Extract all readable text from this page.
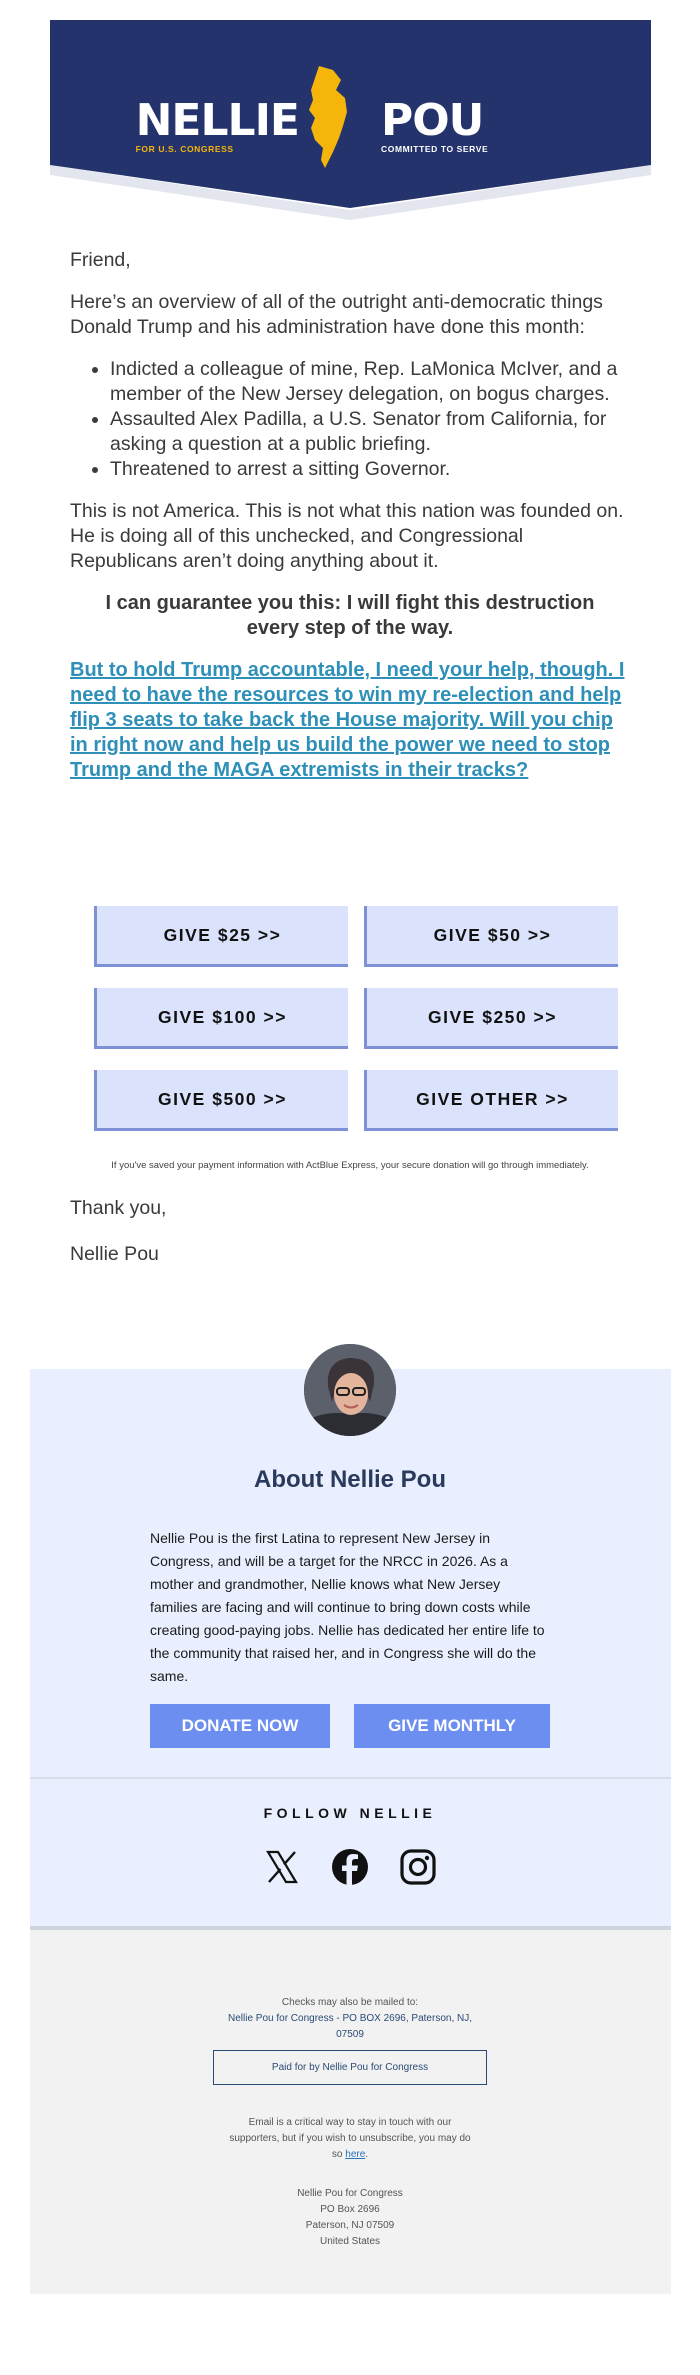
NELLIE
FOR U.S. CONGRESS
POU
COMMITTED TO SERVE

Friend,

Here’s an overview of all of the outright anti-democratic things Donald Trump and his administration have done this month:

• Indicted a colleague of mine, Rep. LaMonica McIver, and a member of the New Jersey delegation, on bogus charges.
• Assaulted Alex Padilla, a U.S. Senator from California, for asking a question at a public briefing.
• Threatened to arrest a sitting Governor.

This is not America. This is not what this nation was founded on. He is doing all of this unchecked, and Congressional Republicans aren’t doing anything about it.

I can guarantee you this: I will fight this destruction every step of the way.

But to hold Trump accountable, I need your help, though. I need to have the resources to win my re-election and help flip 3 seats to take back the House majority. Will you chip in right now and help us build the power we need to stop Trump and the MAGA extremists in their tracks?
GIVE $25 >>	GIVE $50 >>
GIVE $100 >>	GIVE $250 >>
GIVE $500 >>	GIVE OTHER >>
If you've saved your payment information with ActBlue Express, your secure donation will go through immediately.
Thank you,
Nellie Pou
About Nellie Pou
Nellie Pou is the first Latina to represent New Jersey in Congress, and will be a target for the NRCC in 2026. As a mother and grandmother, Nellie knows what New Jersey families are facing and will continue to bring down costs while creating good-paying jobs. Nellie has dedicated her entire life to the community that raised her, and in Congress she will do the same.
DONATE NOW	GIVE MONTHLY
FOLLOW NELLIE
Checks may also be mailed to:
Nellie Pou for Congress - PO BOX 2696, Paterson, NJ,
07509
Paid for by Nellie Pou for Congress
Email is a critical way to stay in touch with our
supporters, but if you wish to unsubscribe, you may do
so here.
Nellie Pou for Congress
PO Box 2696
Paterson, NJ 07509
United States
